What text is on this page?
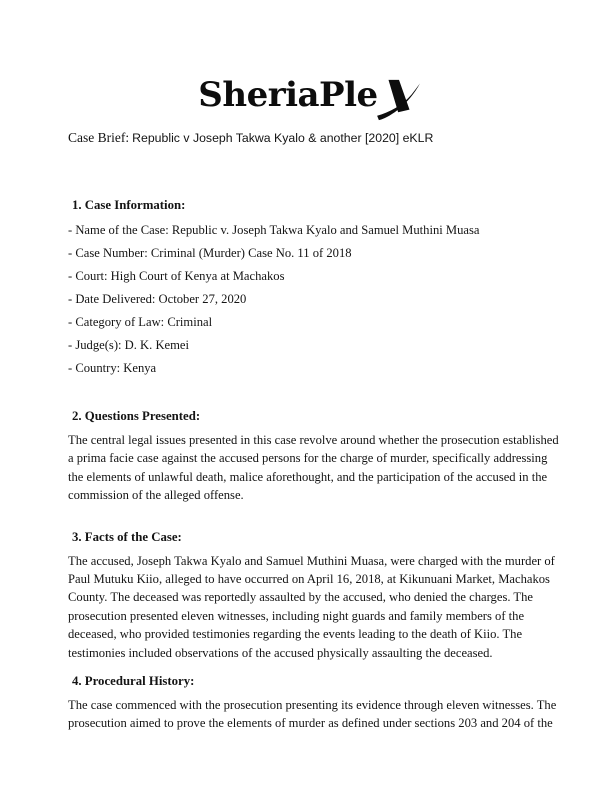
SheriaPle
Case Brief: Republic v Joseph Takwa Kyalo & another [2020] eKLR
1. Case Information:

- Name of the Case: Republic v. Joseph Takwa Kyalo and Samuel Muthini Muasa

- Case Number: Criminal (Murder) Case No. 11 of 2018

- Court: High Court of Kenya at Machakos

- Date Delivered: October 27, 2020

- Category of Law: Criminal

- Judge(s): D. K. Kemei

- Country: Kenya

2. Questions Presented:
The central legal issues presented in this case revolve around whether the prosecution established
a prima facie case against the accused persons for the charge of murder, specifically addressing
the elements of unlawful death, malice aforethought, and the participation of the accused in the
commission of the alleged offense.
3. Facts of the Case:
The accused, Joseph Takwa Kyalo and Samuel Muthini Muasa, were charged with the murder of
Paul Mutuku Kiio, alleged to have occurred on April 16, 2018, at Kikunuani Market, Machakos
County. The deceased was reportedly assaulted by the accused, who denied the charges. The
prosecution presented eleven witnesses, including night guards and family members of the
deceased, who provided testimonies regarding the events leading to the death of Kiio. The
testimonies included observations of the accused physically assaulting the deceased.
4. Procedural History:
The case commenced with the prosecution presenting its evidence through eleven witnesses. The
prosecution aimed to prove the elements of murder as defined under sections 203 and 204 of the
